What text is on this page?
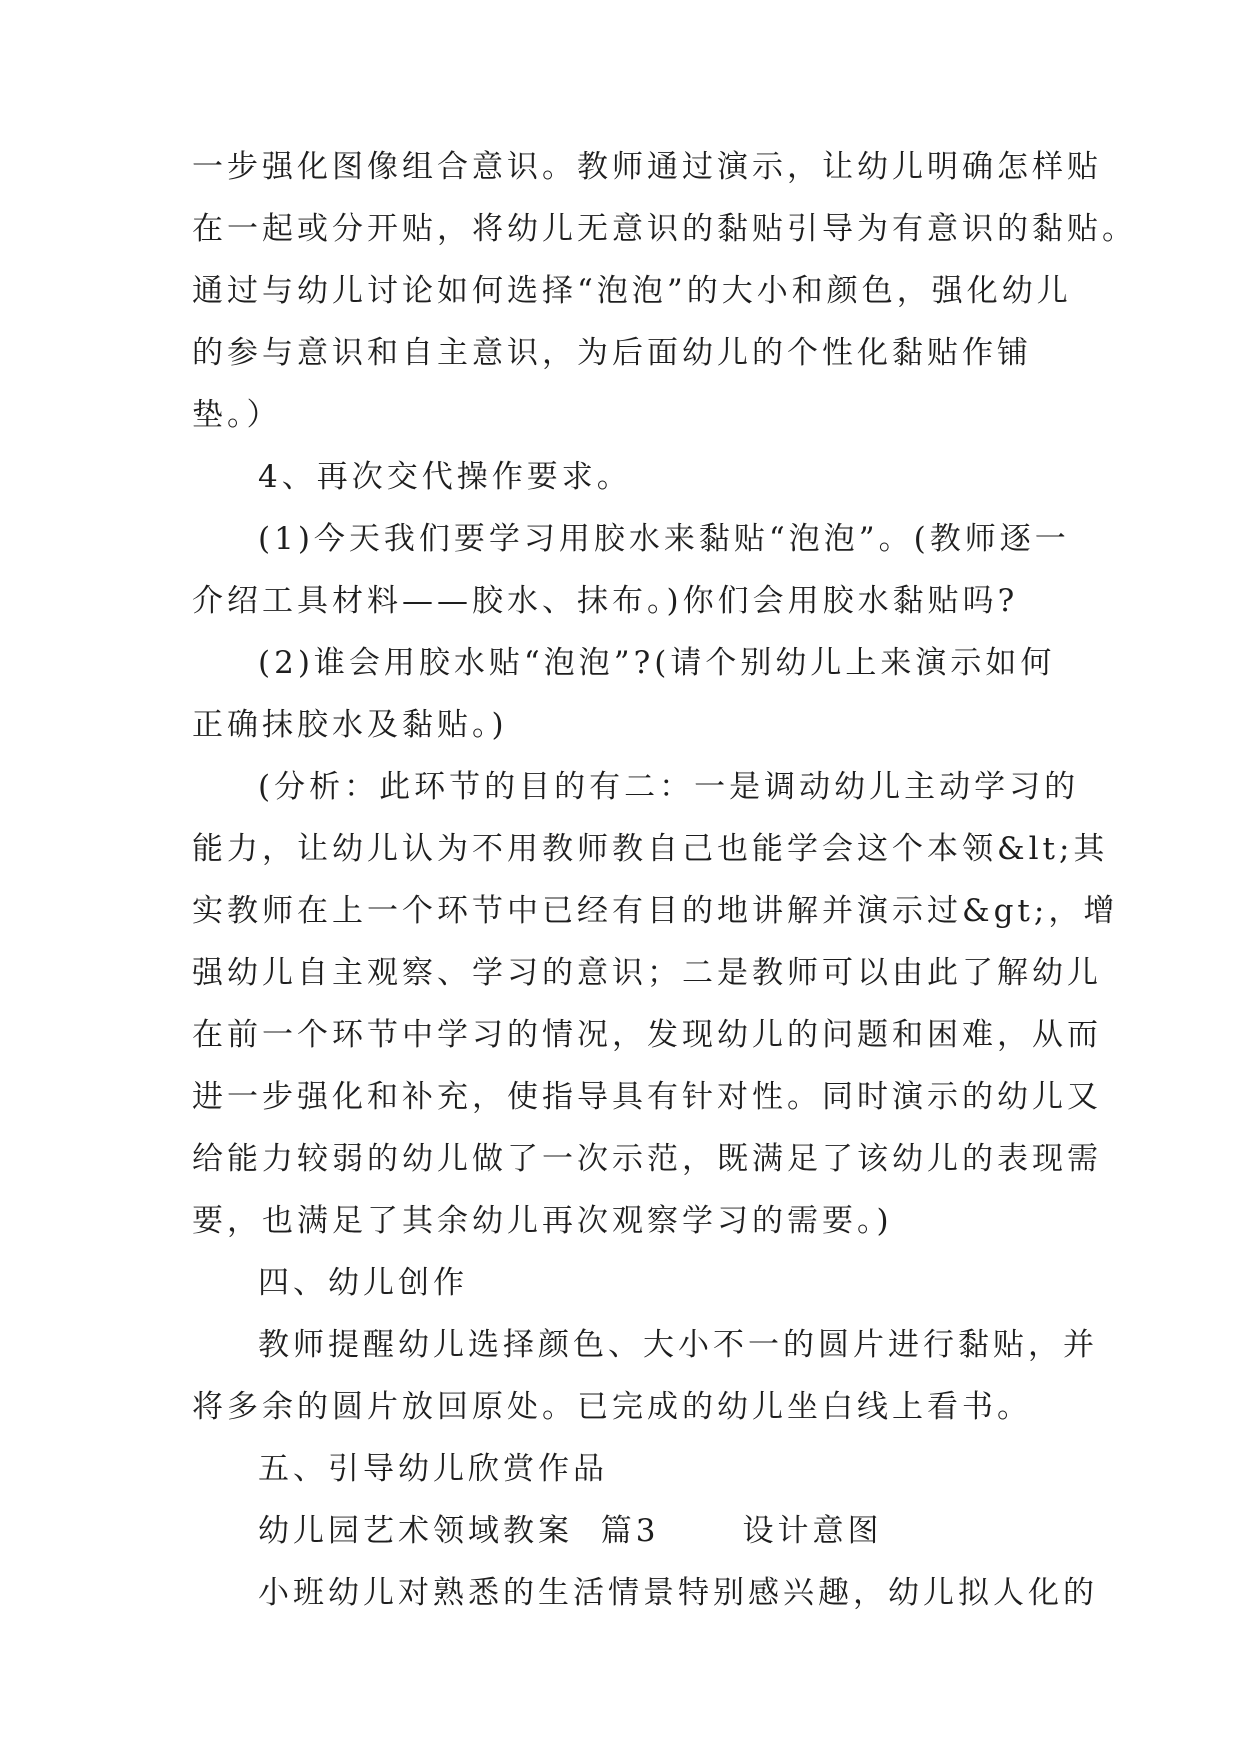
一步强化图像组合意识。教师通过演示，让幼儿明确怎样贴
在一起或分开贴，将幼儿无意识的黏贴引导为有意识的黏贴。
通过与幼儿讨论如何选择“泡泡”的大小和颜色，强化幼儿
的参与意识和自主意识，为后面幼儿的个性化黏贴作铺
垫。）
4、再次交代操作要求。
(1)今天我们要学习用胶水来黏贴“泡泡”。(教师逐一
介绍工具材料——胶水、抹布。)你们会用胶水黏贴吗?
(2)谁会用胶水贴“泡泡”?(请个别幼儿上来演示如何
正确抹胶水及黏贴。)
(分析：此环节的目的有二：一是调动幼儿主动学习的
能力，让幼儿认为不用教师教自己也能学会这个本领&lt;其
实教师在上一个环节中已经有目的地讲解并演示过&gt;，增
强幼儿自主观察、学习的意识；二是教师可以由此了解幼儿
在前一个环节中学习的情况，发现幼儿的问题和困难，从而
进一步强化和补充，使指导具有针对性。同时演示的幼儿又
给能力较弱的幼儿做了一次示范，既满足了该幼儿的表现需
要，也满足了其余幼儿再次观察学习的需要。)
四、幼儿创作
教师提醒幼儿选择颜色、大小不一的圆片进行黏贴，并
将多余的圆片放回原处。已完成的幼儿坐白线上看书。
五、引导幼儿欣赏作品
幼儿园艺术领域教案  篇3      设计意图
小班幼儿对熟悉的生活情景特别感兴趣，幼儿拟人化的
